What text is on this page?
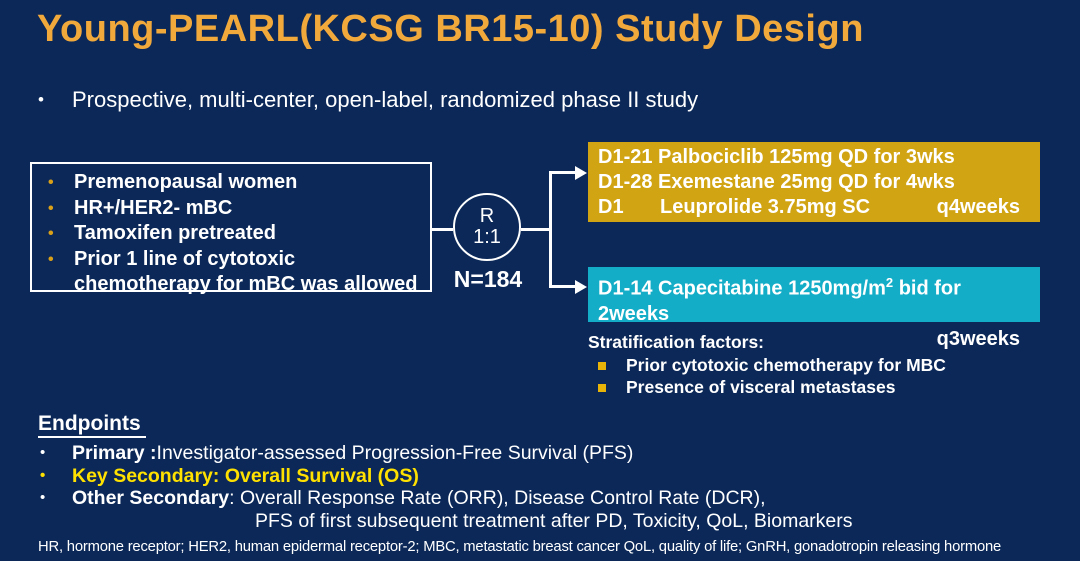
Young-PEARL(KCSG BR15-10) Study Design
•	Prospective, multi-center, open-label, randomized phase II study
•	Premenopausal women
•	HR+/HER2- mBC
•	Tamoxifen pretreated
•	Prior 1 line of cytotoxic chemotherapy for mBC was allowed
R
1:1
N=184
D1-21 Palbociclib 125mg QD for 3wks
D1-28 Exemestane 25mg QD for 4wks
D1	Leuprolide 3.75mg SC	q4weeks
D1-14 Capecitabine $1250mg/m^2$ bid for 2weeks
q3weeks
Stratification factors:
Prior cytotoxic chemotherapy for MBC
Presence of visceral metastases
Endpoints
•	Primary :Investigator-assessed Progression-Free Survival (PFS)
•	Key Secondary: Overall Survival (OS)
•	Other Secondary: Overall Response Rate (ORR), Disease Control Rate (DCR),
PFS of first subsequent treatment after PD, Toxicity, QoL, Biomarkers
HR, hormone receptor; HER2, human epidermal receptor-2; MBC, metastatic breast cancer QoL, quality of life; GnRH, gonadotropin releasing hormone
